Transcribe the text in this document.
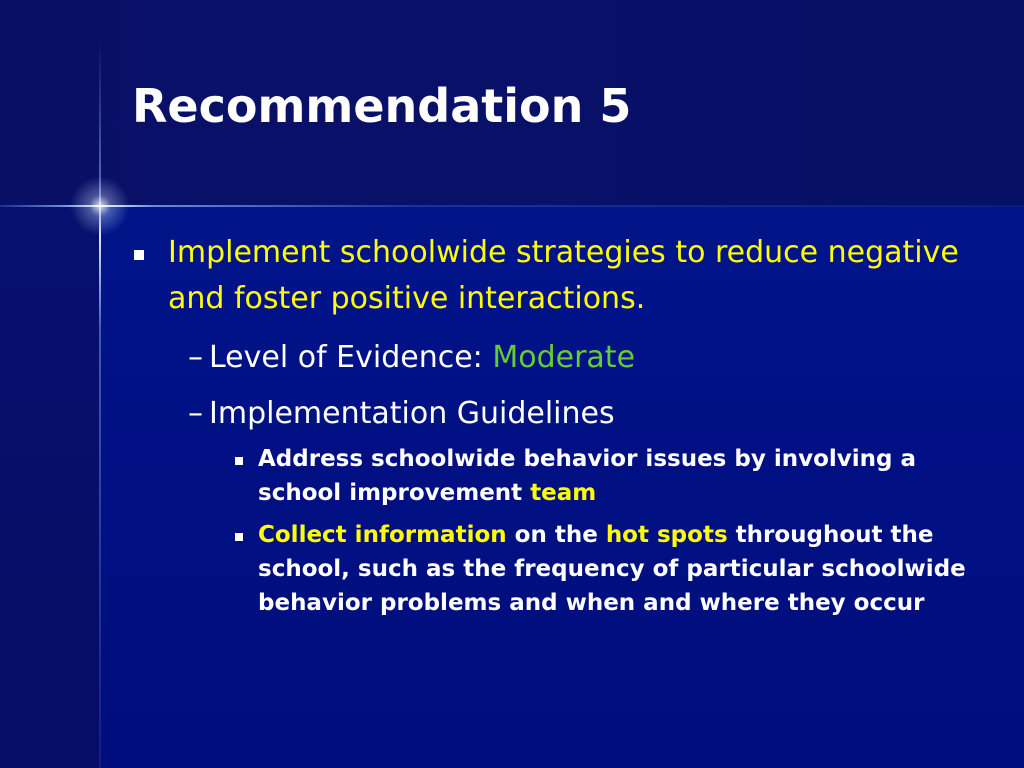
Recommendation 5
Implement schoolwide strategies to reduce negative and foster positive interactions.
– Level of Evidence: Moderate
– Implementation Guidelines
Address schoolwide behavior issues by involving a school improvement team
Collect information on the hot spots throughout the school, such as the frequency of particular schoolwide behavior problems and when and where they occur
